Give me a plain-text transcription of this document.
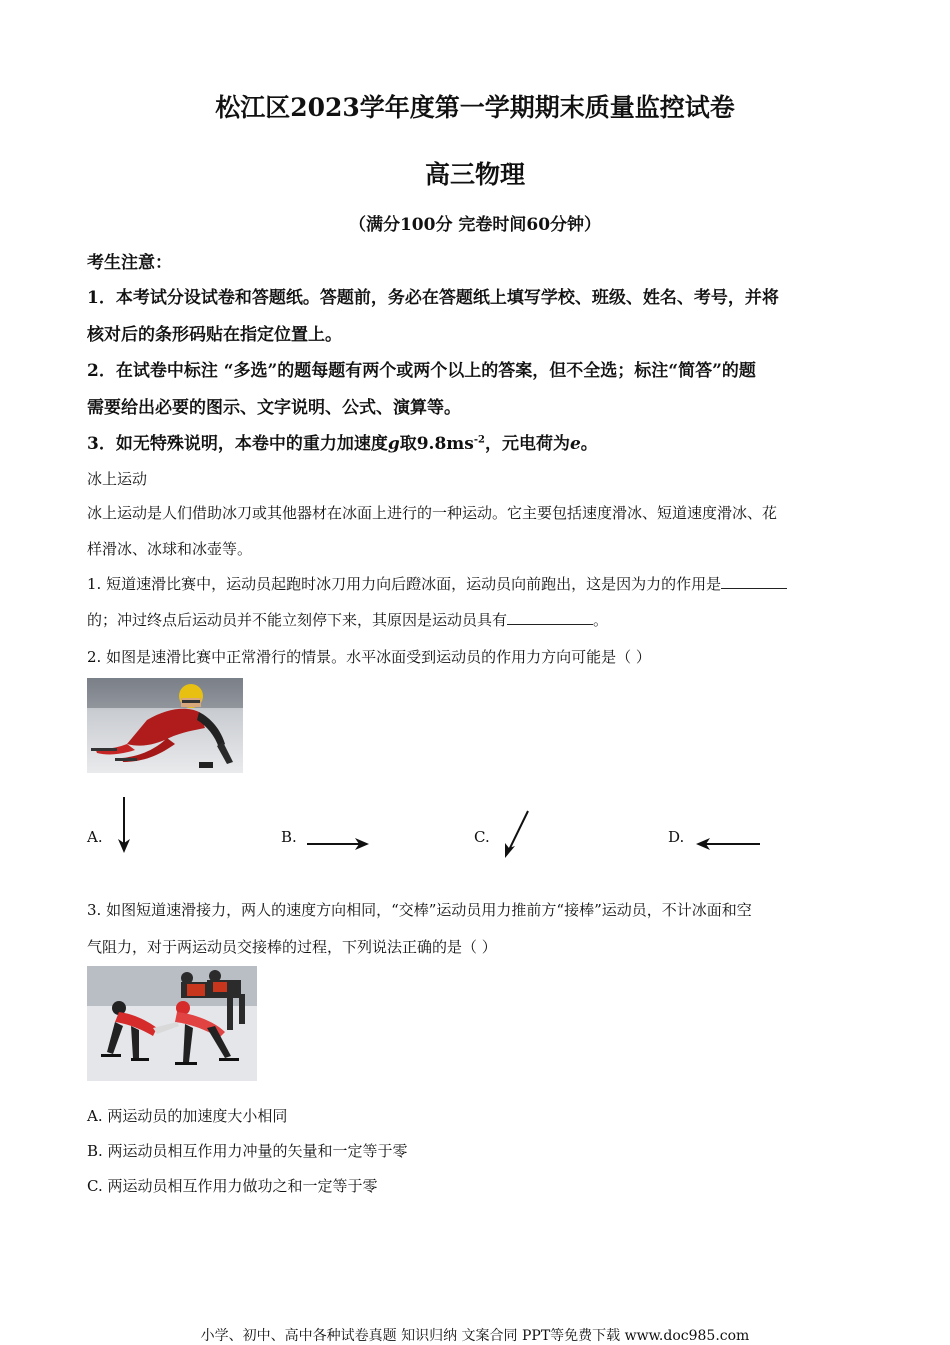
松江区2023学年度第一学期期末质量监控试卷
高三物理
（满分100分 完卷时间60分钟）
考生注意：
1．本考试分设试卷和答题纸。答题前，务必在答题纸上填写学校、班级、姓名、考号，并将
核对后的条形码贴在指定位置上。
2．在试卷中标注 “多选”的题每题有两个或两个以上的答案，但不全选；标注“简答”的题
需要给出必要的图示、文字说明、公式、演算等。
3．如无特殊说明，本卷中的重力加速度g取$9.8ms^{-2}$，元电荷为e。
冰上运动
冰上运动是人们借助冰刀或其他器材在冰面上进行的一种运动。它主要包括速度滑冰、短道速度滑冰、花
样滑冰、冰球和冰壶等。
1. 短道速滑比赛中，运动员起跑时冰刀用力向后蹬冰面，运动员向前跑出，这是因为力的作用是
的；冲过终点后运动员并不能立刻停下来，其原因是运动员具有	。
2. 如图是速滑比赛中正常滑行的情景。水平冰面受到运动员的作用力方向可能是（ ）
A.	B.	C.	D.
3. 如图短道速滑接力，两人的速度方向相同，“交棒”运动员用力推前方“接棒”运动员，不计冰面和空
气阻力，对于两运动员交接棒的过程，下列说法正确的是（ ）
A. 两运动员的加速度大小相同
B. 两运动员相互作用力冲量的矢量和一定等于零
C. 两运动员相互作用力做功之和一定等于零
小学、初中、高中各种试卷真题 知识归纳 文案合同 PPT等免费下载 www.doc985.com
